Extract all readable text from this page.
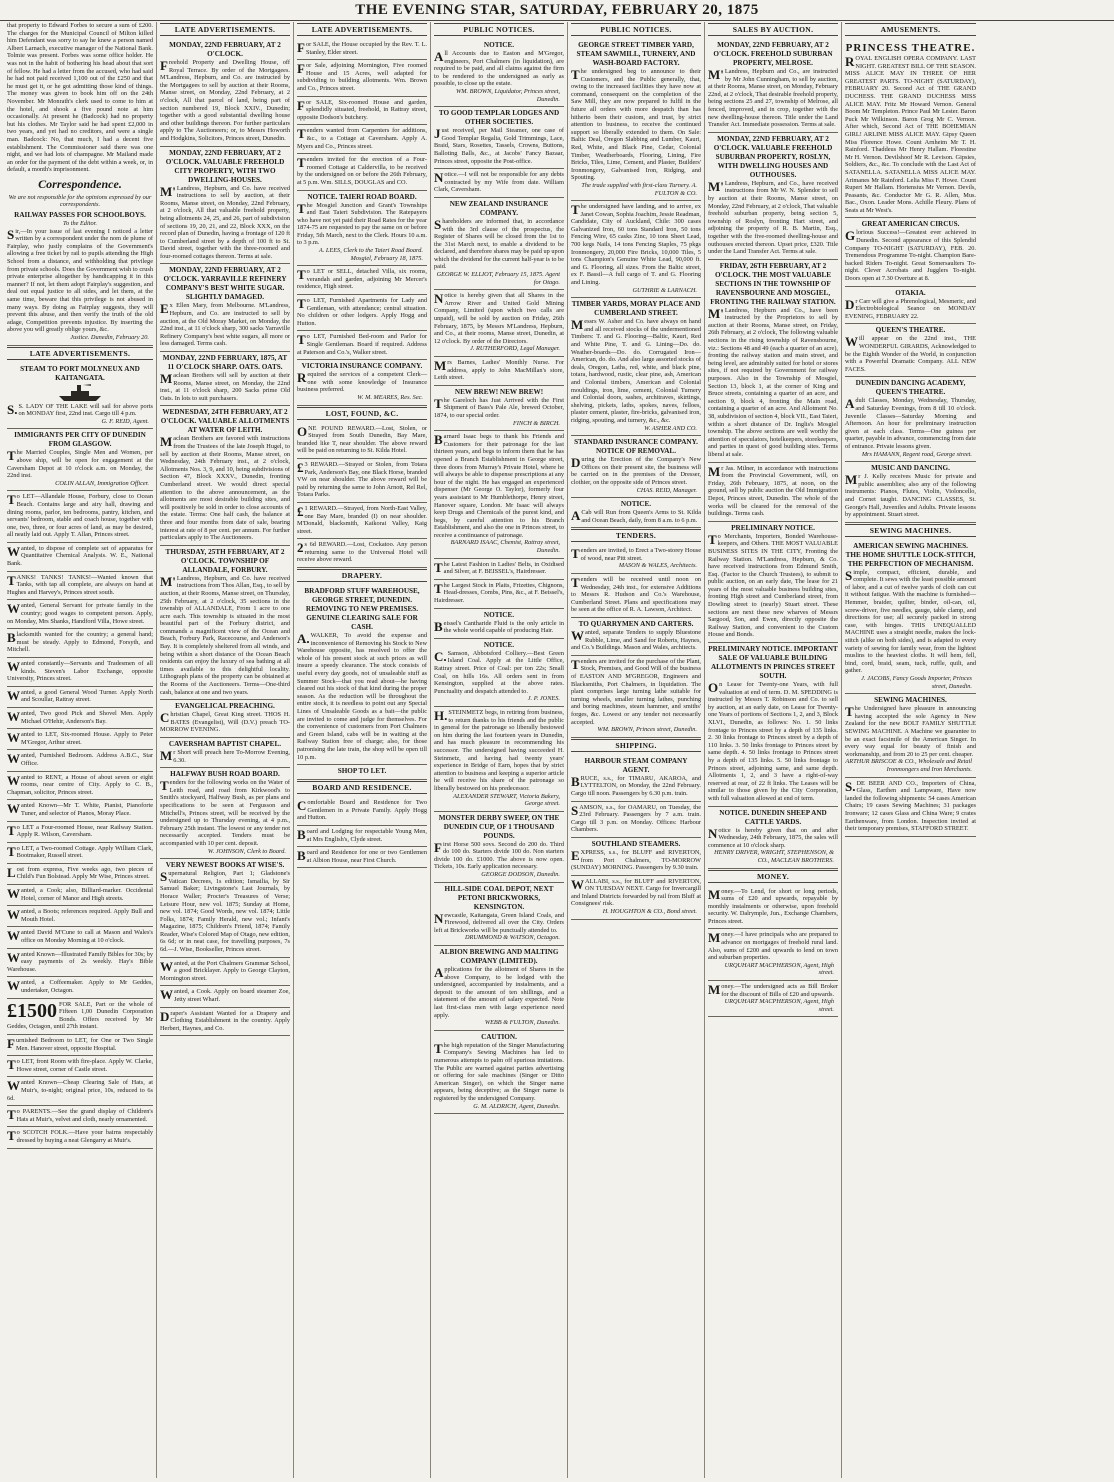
THE EVENING STAR, SATURDAY, FEBRUARY 20, 1875
that property to Edward Forbes to secure a sum of £200. The charges for the Municipal Council of Milton killed him Defendant was sorry to say he knew a person named Albert Larnach, executive manager of the National Bank. Tolmie was present. Forbes was some office holder. He was not in the habit of bothering his head about that sort of fellow. He had a letter from the accused, who had said he had not paid received 1,100 out of the £250 and that he must get it, or he got admitting those kind of things. The money was given to book him off on the 24th November. Mr Monrath's clerk used to come to him at the hotel, and shook a five pound note at him occasionally. At present he (Badcock) had no property but his clothes. Mr Taylor said he had spent £2,000 in two years, and yet had no creditors, and were a single man. Badcock: No, that much, I had a decent five establishment. The Commissioner said there was one night, and we had lots of champagne. Mr Mailand made an order for the payment of the debt within a week, or, in default, a month's imprisonment.
Correspondence.
We are not responsible for the opinions expressed by our correspondents.
RAILWAY PASSES FOR SCHOOLBOYS.
To the Editor.
Sir,—In your issue of last evening I noticed a letter written by a correspondent under the nom de plume of Fairplay, who justly complains of the Government's allowing a free ticket by rail to pupils attending the High School from a distance, and withholding that privilege from private schools. Does the Government wish to crush private enterprise altogether by handicapping it in this manner? If not, let them adopt Fairplay's suggestion, and deal out equal justice to all sides, and let them, at the same time, beware that this privilege is not abused in many ways. By doing as Fairplay suggests, they will prevent this abuse, and then verify the truth of the old adage, Competition prevents injustice. By inserting the above you will greatly oblige yours, &c.
Justice. Dunedin, February 20.
LATE ADVERTISEMENTS.
STEAM TO PORT MOLYNEUX AND KAITANGATA.
S.S. LADY OF THE LAKE will sail for above ports on MONDAY first, 22nd inst. Cargo till 4 p.m.
G. F. REID, Agent.
IMMIGRANTS PER CITY OF DUNEDIN FROM GLASGOW.
The Married Couples, Single Men and Women, per above ship, will be open for engagement at the Caversham Depot at 10 o'clock a.m. on Monday, the 22nd inst.
COLIN ALLAN, Immigration Officer.
To LET—Allandale House, Forbury, close to Ocean Beach. Contains large and airy hall, drawing and dining rooms, parlor, ten bedrooms, pantry, kitchen, and servants' bedroom, stable and coach house, together with one, two, three, or four acres of land, as may be desired, all neatly laid out. Apply T. Allan, Princes street.
Wanted, to dispose of complete set of apparatus for Quantitative Chemical Analysis. W. E., National Bank.
TANKS! TANKS! TANKS!—Wanted known that Tanks, with tap all complete, are always on hand at Hughes and Harvey's, Princes street south.
Wanted, General Servant for private family in the country; good wages to competent person. Apply, on Monday, Mrs Shanks, Handford Villa, Howe street.
Blacksmith wanted for the country; a general hand; must be steady. Apply to Edmond, Forsyth, and Mitchell.
Wanted constantly—Servants and Tradesmen of all kinds. Steven's Labor Exchange, opposite University, Princes street.
Wanted, a good General Wood Turner. Apply North and Scoullar, Rattray street.
Wanted, Two good Pick and Shovel Men. Apply Michael O'Hehir, Anderson's Bay.
Wanted to LET, Six-roomed House. Apply to Peter M'Gregor, Arthur street.
Wanted, Furnished Bedroom. Address A.B.C., Star Office.
Wanted to RENT, a House of about seven or eight rooms, near centre of City. Apply to C. B., Chapman, solicitor, Princes street.
Wanted Known—Mr T. White, Pianist, Pianoforte Tuner, and selector of Pianos, Moray Place.
To LET a Four-roomed House, near Railway Station. Apply R. Wilson, Caversham.
To LET, a Two-roomed Cottage. Apply William Clark, Bootmaker, Russell street.
Lost from express, Five weeks ago, two pieces of Child's Fun Bolstead. Apply Mr Wise, Princes street.
Wanted, a Cook; also, Billiard-marker. Occidental Hotel, corner of Manor and High streets.
Wanted, a Boots; references required. Apply Bull and Mouth Hotel.
Wanted David M'Cune to call at Mason and Wales's office on Monday Morning at 10 o'clock.
Wanted Known—Illustrated Family Bibles for 30s; by easy payments of 2s weekly. Hay's Bible Warehouse.
Wanted, a Coffeemaker. Apply to Mr Geddes, undertaker, Octagon.
£1500 FOR SALE, Part or the whole of Fifteen 1,00 Dunedin Corporation Bonds. Offers received by Mr Geddes, Octagon, until 27th instant.
Furnished Bedroom to LET, for One or Two Single Men. Hanover street, opposite Hospital.
To LET, front Room with fire-place. Apply W. Clarke, Howe street, corner of Castle street.
Wanted Known—Cheap Clearing Sale of Hats, at Muir's, to-night; original price, 10s, reduced to 6s 6d.
To PARENTS.—See the grand display of Children's Hats at Muir's, velvet and cloth, nearly ornamented.
To SCOTCH FOLK.—Have your bairns respectably dressed by buying a neat Glengarry at Muir's.
LATE ADVERTISEMENTS.
MONDAY, 22ND FEBRUARY, AT 2 O'CLOCK.
Freehold Property and Dwelling House, off Royal Terrace. By order of the Mortgagees. M'Landress, Hepburn, and Co. are instructed by the Mortgagees to sell by auction at their Rooms, Manse street, on Monday, 22nd February, at 2 o'clock, All that parcel of land, being part of section numbered 19, Block XXIV., Dunedin; together with a good substantial dwelling house and other buildings thereon. For further particulars apply to The Auctioneers; or, to Messrs Howorth and Hodgkins, Solicitors, Princes street, Dunedin.
MONDAY, 22ND FEBRUARY, AT 2 O'CLOCK. VALUABLE FREEHOLD CITY PROPERTY, WITH TWO DWELLING-HOUSES.
M'Landress, Hepburn, and Co. have received instructions to sell by auction, at their Rooms, Manse street, on Monday, 22nd February, at 2 o'clock, All that valuable freehold property, being allotments 24, 25, and 26, part of subdivision of sections 19, 20, 21, and 22, Block XXX, on the record plan of Dunedin, having a frontage of 120 ft to Cumberland street by a depth of 100 ft to St. David street, together with the three-roomed and four-roomed cottages thereon. Terms at sale.
MONDAY, 22ND FEBRUARY, AT 2 O'CLOCK. YARRAVILLE REFINERY COMPANY'S BEST WHITE SUGAR. SLIGHTLY DAMAGED.
Ex Ellen Mary, from Melbourne. M'Landress, Hepburn, and Co. are instructed to sell by auction, at the Old Moray Market, on Monday, the 22nd inst., at 11 o'clock sharp, 300 sacks Yarraville Refinery Company's best white sugars, all more or less damaged. Terms cash.
MONDAY, 22ND FEBRUARY, 1875, AT 11 O'CLOCK SHARP. OATS. OATS.
Maclean Brothers will sell by auction at their Rooms, Manse street, on Monday, the 22nd inst., at 11 o'clock sharp, 200 Sacks prime Old Oats. In lots to suit purchasers.
WEDNESDAY, 24TH FEBRUARY, AT 2 O'CLOCK. VALUABLE ALLOTMENTS AT WATER OF LEITH.
Maclean Brothers are favored with instructions from the Trustees of the late Joseph Hugel, to sell by auction at their Rooms, Manse street, on Wednesday, 24th February inst., at 2 o'clock, Allotments Nos. 3, 9, and 10, being subdivisions of Section 47, Block XXXV., Dunedin, fronting Cumberland street. We would direct special attention to the above announcement, as the allotments are most desirable building sites, and will positively be sold in order to close accounts of the estate. Terms: One half cash, the balance at three and four months from date of sale, bearing interest at rate of 8 per cent. per annum. For further particulars apply to The Auctioneers.
THURSDAY, 25TH FEBRUARY, AT 2 O'CLOCK. TOWNSHIP OF ALLANDALE, FORBURY.
M'Landress, Hepburn, and Co. have received instructions from Thos Allan, Esq., to sell by auction, at their Rooms, Manse street, on Thursday, 25th February, at 2 o'clock, 35 sections in the township of ALLANDALE, From 1 acre to one acre each. This township is situated in the most beautiful part of the Forbury district, and commands a magnificent view of the Ocean and Beach, Forbury Park, Racecourse, and Anderson's Bay. It is completely sheltered from all winds, and being within a short distance of the Ocean Beach residents can enjoy the luxury of sea bathing at all times available to this delightful locality. Lithograph plans of the property can be obtained at the Rooms of the Auctioneers. Terms—One-third cash, balance at one and two years.
EVANGELICAL PREACHING.
Christian Chapel, Great King street. THOS H. BATES (Evangelist), Will (D.V.) preach TO-MORROW EVENING.
CAVERSHAM BAPTIST CHAPEL.
Mr Short will preach here To-Morrow Evening, 6.30.
HALFWAY BUSH ROAD BOARD.
Tenders for the following works on the Water of Leith road, and road from Kirkwood's to Smith's stockyard, Halfway Bush, as per plans and specifications to be seen at Fergusson and Mitchell's, Princes street, will be received by the undersigned up to Thursday evening, at 4 p.m., February 25th instant. The lowest or any tender not necessarily accepted. Tenders must be accompanied with 10 per cent. deposit.
W. JOHNSON, Clerk to Board.
VERY NEWEST BOOKS AT WISE'S.
Supernatural Religion, Part 1; Gladstone's Vatican Decrees, 1s edition; Ismailia, by Sir Samuel Baker; Livingstone's Last Journals, by Horace Waller; Procter's Treasures of Verse; Leisure Hour, new vol. 1875; Sunday at Home, new vol. 1874; Good Words, new vol. 1874; Little Folks, 1874; Family Herald, new vol.; Infant's Magazine, 1875; Children's Friend, 1874; Family Reader, Wise's Colored Map of Otago, new edition, 6s 6d; or in neat case, for travelling purposes, 7s 6d.—J. Wise, Bookseller, Princes street.
Wanted, at the Port Chalmers Grammar School, a good Bricklayer. Apply to George Clayton, Mornington street.
Wanted, a Cook. Apply on board steamer Zoe, Jetty street Wharf.
Draper's Assistant Wanted for a Drapery and Clothing Establishment in the country. Apply Herbert, Haynes, and Co.
LATE ADVERTISEMENTS.
For SALE, the House occupied by the Rev. T. L. Stanley, Elder street.
For Sale, adjoining Mornington, Five roomed House and 15 Acres, well adapted for subdividing to building allotments. Wm. Brown and Co., Princes street.
For SALE, Six-roomed House and garden, splendidly situated, freehold, in Rattray street, opposite Dodson's butchery.
Tenders wanted from Carpenters for additions, &c., to a Cottage at Caversham. Apply A. Myers and Co., Princes street.
Tenders invited for the erection of a Four-roomed Cottage at Caldervilla, to be received by the undersigned on or before the 26th February, at 5 p.m. Wm. SILLS, DOUGLAS and CO.
NOTICE. TAIERI ROAD BOARD.
The Mosgiel Junction and Grant's Townships and East Taieri Subdivision. The Ratepayers who have not yet paid their Road Rates for the year 1874-75 are requested to pay the same on or before Friday, 5th March, next to the Clerk. Hours 10 a.m. to 3 p.m.
A. LEES, Clerk to the Taieri Road Board. Mosgiel, February 18, 1875.
To LET or SELL, detached Villa, six rooms, verandah and garden, adjoining Mr Mercer's residence, High street.
To LET, Furnished Apartments for Lady and Gentleman, with attendance; central situation. No children or other lodgers. Apply Hogg and Hutton.
To LET, Furnished Bed-room and Parlor for Single Gentleman. Board if required. Address at Paterson and Co.'s, Walker street.
VICTORIA INSURANCE COMPANY.
Required the services of a competent Clerk—one with some knowledge of Insurance business preferred.
W. M. MEARES, Res. Sec.
LOST, FOUND, &C.
ONE POUND REWARD.—Lost, Stolen, or Strayed from South Dunedin, Bay Mare, branded like T, near shoulder. The above reward will be paid on returning to St. Kilda Hotel.
£3 REWARD.—Strayed or Stolen, from Totara Park, Anderson's Bay, one Black Horse, branded VW on near shoulder. The above reward will be paid by returning the same to John Arnott, Rel Rel, Totara Parks.
£1 REWARD.—Strayed, from North-East Valley, one Bay Mare, branded (I) on near shoulder. M'Donald, blacksmith, Kaikorai Valley, Kaig street.
2s 6d REWARD.—Lost, Cockatoo. Any person returning same to the Universal Hotel will receive above reward.
DRAPERY.
BRADFORD STUFF WAREHOUSE, GEORGE STREET, DUNEDIN. REMOVING TO NEW PREMISES. GENUINE CLEARING SALE FOR CASH.
A.WALKER, To avoid the expense and inconvenience of Removing his Stock to New Warehouse opposite, has resolved to offer the whole of his present stock at such prices as will insure a speedy clearance. The stock consists of useful every day goods, not of unsaleable stuff as Summer Stock—that you read about—he having cleared out his stock of that kind during the proper season. As the reduction will be throughout the entire stock, it is needless to point out any Special Lines of Unsaleable Goods as a bait—the public are invited to come and judge for themselves. For the convenience of customers from Port Chalmers and Green Island, cabs will be in waiting at the Railway Station free of charge; also, for those patronising the late train, the shop will be open till 10 p.m.
SHOP TO LET.
BOARD AND RESIDENCE.
Comfortable Board and Residence for Two Gentlemen in a Private Family. Apply Hogg and Hutton.
Board and Lodging for respectable Young Men, at Mrs English's, Clyde street.
Board and Residence for one or two Gentlemen at Albion House, near First Church.
PUBLIC NOTICES.
NOTICE.
All Accounts due to Easton and M'Gregor, engineers, Port Chalmers (in liquidation), are required to be paid, and all claims against the firm to be rendered to the undersigned as early as possible, to close up the estate.
WM. BROWN, Liquidator, Princes street, Dunedin.
TO GOOD TEMPLAR LODGES AND OTHER SOCIETIES.
Just received, per Mail Steamer, one case of Good Templar Regalia, Gold Trimmings, Lace, Braid, Stars, Rosettes, Tassels, Crowns, Buttons, Balloting Balls, &c., at Jacobs' Fancy Bazaar, Princes street, opposite the Post-office.
Notice.—I will not be responsible for any debts contracted by my Wife from date. William Clark, Caversham.
NEW ZEALAND INSURANCE COMPANY.
Shareholders are informed that, in accordance with the 3rd clause of the prospectus, the Register of Shares will be closed from the 1st to the 31st March next, to enable a dividend to be declared, and therefore shares may be paid up upon which the dividend for the current half-year is to be paid.
GEORGE W. ELLIOT, February 15, 1875. Agent for Otago.
Notice is hereby given that all Shares in the Arrow River and United Gold Mining Company, Limited (upon which two calls are unpaid), will be sold by auction on Friday, 26th February, 1875, by Messrs M'Landress, Hepburn, and Co., at their rooms, Manse street, Dunedin, at 12 o'clock. By order of the Directors.
J. RUTHERFORD, Legal Manager.
Mrs Barnes, Ladies' Monthly Nurse. For address, apply to John MacMillan's store, Leith street.
NEW BREW! NEW BREW!
The Gareloch has Just Arrived with the First Shipment of Bass's Pale Ale, brewed October, 1874, to our special order.
FINCH & BIRCH.
Barnard Isaac begs to thank his Friends and Customers for their patronage for the last thirteen years, and begs to inform them that he has opened a Branch Establishment in George street, three doors from Murray's Private Hotel, where he will always be able to dispense prescriptions at any hour of the night. He has engaged an experienced dispenser (Mr George O. Taylor), formerly four years assistant to Mr Humblethorpe, Henry street, Hanover square, London. Mr Isaac will always keep Drugs and Chemicals of the purest kind, and begs, by careful attention to his Branch Establishment, and also the one in Princes street, to receive a continuance of patronage.
BARNARD ISAAC, Chemist, Rattray street, Dunedin.
The Latest Fashion in Ladies' Belts, in Oxidised and Silver, at F. BEISSEL's, Hairdresser.
The Largest Stock in Plaits, Frizettes, Chignons, Head-dresses, Combs, Pins, &c., at F. Beissel's, Hairdresser.
NOTICE.
Beissel's Cantharide Fluid is the only article in the whole world capable of producing Hair.
NOTICE.
C.Samson, Abbotsford Colliery.—Best Green Island Coal. Apply at the Little Office, Rattray street. Price of Coal: per ton 22s; Small Coal, on hills 16s. All orders sent in from Kensington, supplied at the above rates. Punctuality and despatch attended to.
J. P. JONES.
H.STEINMETZ begs, in retiring from business, to return thanks to his friends and the public in general for the patronage so liberally bestowed on him during the last fourteen years in Dunedin, and has much pleasure in recommending his successor. The undersigned having succeeded H. Steinmetz, and having had twenty years' experience in Bridge of Earn, hopes that by strict attention to business and keeping a superior article he will receive his share of the patronage so liberally bestowed on his predecessor.
ALEXANDER STEWART, Victoria Bakery, George street.
MONSTER DERBY SWEEP, ON THE DUNEDIN CUP, OF 1 THOUSAND POUNDS.
First Horse 500 sovs. Second do 200 do. Third do 100 do. Starters divide 100 do. Non starters divide 100 do. £1000. The above is now open. Tickets, 10s. Early application necessary.
GEORGE DODSON, Dunedin.
HILL-SIDE COAL DEPOT, NEXT PETONI BRICKWORKS, KENSINGTON.
Newcastle, Kaitangata, Green Island Coals, and Firewood, delivered all over the City. Orders left at Brickworks will be punctually attended to.
DRUMMOND & WATSON, Octagon.
ALBION BREWING AND MALTING COMPANY (LIMITED).
Applications for the allotment of Shares in the above Company, to be lodged with the undersigned, accompanied by instalments, and a deposit to the amount of ten shillings, and a statement of the amount of salary expected. Note last first-class men with large experience need apply.
WEBB & FULTON, Dunedin.
CAUTION.
The high reputation of the Singer Manufacturing Company's Sewing Machines has led to numerous attempts to palm off spurious imitations. The Public are warned against parties advertising or offering for sale machines (Singer or Ditto American Singer), on which the Singer name appears, being deceptive; as the Singer name is registered by the undersigned Company.
G. M. ALDRICH, Agent, Dunedin.
PUBLIC NOTICES.
GEORGE STREET TIMBER YARD, STEAM SAWMILL, TURNERY, AND WASH-BOARD FACTORY.
The undersigned beg to announce to their Customers, and the Public generally, that, owing to the increased facilities they have now at command, consequent on the completion of the Saw Mill, they are now prepared to fulfil in the future all orders with more despatch than has hitherto been their custom, and trust, by strict attention to business, to receive the continued support so liberally extended to them. On Sale: Baltic Deal, Oregon Slabbing and Lumber, Kauri, Red, White, and Black Pine, Cedar, Colonial Timber, Weatherboards, Flooring, Lining, Fire Bricks, Tiles, Lime, Cement, and Plaster, Builders' Ironmongery, Galvanised Iron, Ridging, and Spouting.
The trade supplied with first-class Turnery. A. FULTON & CO.
The undersigned have landing, and to arrive, ex Janet Cowan, Sophia Joachim, Jessie Readman, Candidate, City of Auckland, Chile: 300 cases Galvanized Iron, 60 tons Standard Iron, 50 tons Fencing Wire, 65 casks Zinc, 10 tons Sheet Lead, 700 kegs Nails, 14 tons Fencing Staples, 75 pkgs Ironmongery, 20,000 Fire Bricks, 10,000 Tiles, 5 tons Champion's Genuine White Lead, 90,000 ft. and G. Flooring, all sizes. From the Baltic street, ex F. Bassil—A full cargo of T. and G. Flooring and Lining.
GUTHRIE & LARNACH.
TIMBER YARDS, MORAY PLACE AND CUMBERLAND STREET.
Messrs W. Asher and Co. have always on hand and all received stocks of the undermentioned Timbers: T. and G. Flooring—Baltic, Kauri, Red and White Pine, T. and G. Lining—Do. do. Weather-boards—Do. do. Corrugated Iron—American, do. do. And also large assorted stocks of deals, Oregon, Laths, red, white, and black pine, totara, hardwood, rustic, clear pine, ash, American and Colonial timbers, American and Colonial mouldings, iron, lime, cement, Colonial Turnery and Colonial doors, sashes, architraves, skirtings, shelving, pickets, laths, spokes, naves, felloes, plaster cement, plaster, fire-bricks, galvanised iron, ridging, spouting, and turnery, &c., &c.
W. ASHER AND CO.
STANDARD INSURANCE COMPANY. NOTICE OF REMOVAL.
During the Erection of the Company's New Offices on their present site, the business will be carried on in the premises of the Dresser, clothier, on the opposite side of Princes street.
CHAS. REID, Manager.
NOTICE.
ACab will Run from Queen's Arms to St. Kilda and Ocean Beach, daily, from 8 a.m. to 6 p.m.
TENDERS.
Tenders are invited, to Erect a Two-storey House of wood, near Pitt street.
MASON & WALES, Architects.
Tenders will be received until noon on Wednesday, 24th inst., for extensive Additions to Messrs R. Hudson and Co.'s Warehouse, Cumberland Street. Plans and specifications may be seen at the office of R. A. Lawson, Architect.
TO QUARRYMEN AND CARTERS.
Wanted, separate Tenders to supply Bluestone Rubble, Lime, and Sand for Roberts, Haynes, and Co.'s Buildings. Mason and Wales, architects.
Tenders are invited for the purchase of the Plant, Stock, Premises, and Good Will of the business of EASTON AND M'GREGOR, Engineers and Blacksmiths, Port Chalmers, in liquidation. The plant comprises large turning lathe suitable for turning wheels, smaller turning lathes, punching and boring machines, steam hammer, and smiths' forges, &c. Lowest or any tender not necessarily accepted.
WM. BROWN, Princes street, Dunedin.
SHIPPING.
HARBOUR STEAM COMPANY AGENT.
BRUCE, s.s., for TIMARU, AKAROA, and LYTTELTON, on Monday, the 22nd February. Cargo till noon. Passengers by 6.30 p.m. train.
SAMSON, s.s., for OAMARU, on Tuesday, the 23rd February. Passengers by 7 a.m. train. Cargo till 3 p.m. on Monday. Offices: Harbour Chambers.
SOUTHLAND STEAMERS.
EXPRESS, s.s., for BLUFF and RIVERTON, from Port Chalmers, TO-MORROW (SUNDAY) MORNING. Passengers by 9.30 train.
WALLABI, s.s., for BLUFF and RIVERTON, ON TUESDAY NEXT. Cargo for Invercargill and Inland Districts forwarded by rail from Bluff at Consignees' risk.
H. HOUGHTON & CO., Bond street.
SALES BY AUCTION.
MONDAY, 22ND FEBRUARY, AT 2 O'CLOCK. FREEHOLD SUBURBAN PROPERTY, MELROSE.
M'Landress, Hepburn and Co., are instructed by Mr John Cunningham, to sell by auction, at their Rooms, Manse street, on Monday, February 22nd, at 2 o'clock, That desirable freehold property, being sections 25 and 27, township of Melrose, all fenced, improved, and in crop, together with the new dwelling-house thereon. Title under the Land Transfer Act. Immediate possession. Terms at sale.
MONDAY, 22ND FEBRUARY, AT 2 O'CLOCK. VALUABLE FREEHOLD SUBURBAN PROPERTY, ROSLYN, WITH DWELLING HOUSES AND OUTHOUSES.
M'Landress, Hepburn, and Co., have received instructions from Mr W. N. Splendor to sell by auction at their Rooms, Manse street, on Monday, 22nd February, at 2 o'clock, That valuable freehold suburban property, being section 5, township of Roslyn, fronting Hart street, and adjoining the property of R. B. Martin, Esq., together with the five-roomed dwelling-house and outhouses erected thereon. Upset price, £320. Title under the Land Transfer Act. Terms at sale.
FRIDAY, 26TH FEBRUARY, AT 2 O'CLOCK. THE MOST VALUABLE SECTIONS IN THE TOWNSHIP OF RAVENSBOURNE AND MOSGIEL, FRONTING THE RAILWAY STATION.
M'Landress, Hepburn and Co., have been instructed by the Proprietors to sell by auction at their Rooms, Manse street, on Friday, 26th February, at 2 o'clock, The following valuable sections in the rising township of Ravensbourne, viz.: Sections 48 and 49 (each a quarter of an acre), fronting the railway station and main street, and being level, are admirably suited for hotel or stores sites, if not required by Government for railway purposes. Also in the Township of Mosgiel, Section 13, block 1, at the corner of King and Bruce streets, containing a quarter of an acre, and section 9, block 4, fronting the Main road, containing a quarter of an acre. And Allotment No. 38, subdivision of section 4, block VII., East Taieri, within a short distance of Dr. Inglis's Mosgiel township. The above sections are well worthy the attention of speculators, hotelkeepers, storekeepers, and parties in quest of good building sites. Terms liberal at sale.
Mr Jas. Milner, in accordance with instructions from the Provincial Government, will, on Friday, 26th February, 1875, at noon, on the ground, sell by public auction the Old Immigration Depot, Princes street, Dunedin. The whole of the works will be cleared for the removal of the buildings. Terms cash.
PRELIMINARY NOTICE.
To Merchants, Importers, Bonded Warehouse-keepers, and Others. THE MOST VALUABLE BUSINESS SITES IN THE CITY, Fronting the Railway Station. M'Landress, Hepburn, & Co. have received instructions from Edmund Smith, Esq. (Factor to the Church Trustees), to submit to public auction, on an early date, The lease for 21 years of the most valuable business building sites, fronting High street and Cumberland street, from Dowling street to (nearly) Stuart street. These sections are next these new wharves of Messrs Sargood, Son, and Ewen, directly opposite the Railway Station, and convenient to the Custom House and Bonds.
PRELIMINARY NOTICE. IMPORTANT SALE OF VALUABLE BUILDING ALLOTMENTS IN PRINCES STREET SOUTH.
On Lease for Twenty-one Years, with full valuation at end of term. D. M. SPEDDING is instructed by Messrs T. Robinson and Co. to sell by auction, at an early date, on Lease for Twenty-one Years of portions of Sections 1, 2, and 3, Block XLVI., Dunedin, as follows: No. 1. 50 links frontage to Princes street by a depth of 135 links. 2. 30 links frontage to Princes street by a depth of 110 links. 3. 50 links frontage to Princes street by same depth. 4. 50 links frontage to Princes street by a depth of 135 links. 5. 50 links frontage to Princes street, adjoining same, and same depth. Allotments 1, 2, and 3 have a right-of-way reserved at rear, of 22 ft links. The Leases will be similar to those given by the City Corporation, with full valuation allowed at end of term.
NOTICE. DUNEDIN SHEEP AND CATTLE YARDS.
Notice is hereby given that on and after Wednesday, 24th February, 1875, the sales will commence at 10 o'clock sharp.
HENRY DRIVER, WRIGHT, STEPHENSON, & CO., MACLEAN BROTHERS.
MONEY.
Money.—To Lend, for short or long periods, sums of £20 and upwards, repayable by monthly instalments or otherwise, upon freehold security. W. Dalrymple, Jun., Exchange Chambers, Princes street.
Money.—I have principals who are prepared to advance on mortgages of freehold rural land. Also, sums of £200 and upwards to lend on town and suburban properties.
URQUHART MACPHERSON, Agent, High street.
Money.—The undersigned acts as Bill Broker for the discount of Bills of £20 and upwards.
URQUHART MACPHERSON, Agent, High street.
AMUSEMENTS.
PRINCESS THEATRE.
ROYAL ENGLISH OPERA COMPANY. LAST NIGHT. GREATEST BILL OF THE SEASON. MISS ALICE MAY IN THREE OF HER GREATEST PARTS. TO-NIGHT (SATURDAY), FEBRUARY 20. Second Act of THE GRAND DUCHESS. THE GRAND DUCHESS MISS ALICE MAY. Fritz Mr Howard Vernon. General Boom Mr Templeton. Prince Paul Mr Lester. Baron Puck Mr Wilkinson. Baron Grog Mr C. Vernon. After which, Second Act of THE BOHEMIAN GIRL! ARLINE MISS ALICE MAY. Gipsy Queen Miss Florence Howe. Count Arnheim Mr T. H. Rainford. Thaddeus Mr Henry Hallam. Florestine Mr H. Vernon. Devilshoof Mr R. Levison. Gipsies, Soldiers, &c., &c. To conclude with the Last Act of SATANELLA. SATANELLA MISS ALICE MAY. Arimanes Mr Rainford. Lelia Miss F. Howe. Count Rupert Mr Hallam. Hortensius Mr Vernon. Devils, Peasants, &c. Conductor Mr G. R. Allen, Mus. Bac., Oxon. Leader Mons. Achille Fleury. Plans of Seats at Mr West's.
GREAT AMERICAN CIRCUS.
Glorious Success!—Greatest ever achieved in Dunedin. Second appearance of this Splendid Company TO-NIGHT (SATURDAY), FEB. 20. Tremendous Programme To-night. Champion Bare-backed Riders To-night. Great Somersaulters To-night. Clever Acrobats and Jugglers To-night. Doors open at 7.30 Overture at 8.
OTAKIA.
Dr Carr will give a Phrenological, Mesmeric, and Electrobiological Seance on MONDAY EVENING, FEBRUARY 22.
QUEEN'S THEATRE.
Will appear on the 22nd inst., THE WONDERFUL GIRARDS, Acknowledged to be the Eighth Wonder of the World, in conjunction with a Powerful Dramatic Company. ALL NEW FACES.
DUNEDIN DANCING ACADEMY, QUEEN'S THEATRE.
Adult Classes, Monday, Wednesday, Thursday, and Saturday Evenings, from 8 till 10 o'clock. Juvenile Classes—Saturday Morning and Afternoon. An hour for preliminary instruction given at each class. Terms—One guinea per quarter, payable in advance, commencing from date of entrance. Private lessons given.
Mrs HAMANN, Regent road, George street.
MUSIC AND DANCING.
Mr J. Kelly receives Music for private and public assemblies; also any of the following instruments: Pianos, Flutes, Violin, Violoncello, and Cornet taught. DANCING CLASSES, St. George's Hall, Juveniles and Adults. Private lessons by appointment. Stuart street.
SEWING MACHINES.
AMERICAN SEWING MACHINES. THE HOME SHUTTLE LOCK-STITCH, THE PERFECTION OF MECHANISM.
Simple, compact, efficient, durable, and complete. It sews with the least possible amount of labor, and a cut of twelve yards of cloth can cut it without fatigue. With the machine is furnished—Hemmer, braider, quilter, binder, oil-can, oil, screw-driver, five needles, gauge, table clamp, and directions for use; all securely packed in strong case, with hinges. THIS UNEQUALLED MACHINE uses a straight needle, makes the lock-stitch (alike on both sides), and is adapted to every variety of sewing for family wear, from the lightest muslins to the heaviest cloths. It will hem, fell, bind, cord, braid, seam, tuck, ruffle, quilt, and gather.
J. JACOBS, Fancy Goods Importer, Princes street, Dunedin.
SEWING MACHINES.
The Undersigned have pleasure in announcing having accepted the sole Agency in New Zealand for the new BOLT FAMILY SHUTTLE SEWING MACHINE. A Machine we guarantee to be an exact facsimile of the American Singer. In every way equal for beauty of finish and workmanship, and from 20 to 25 per cent. cheaper.
ARTHUR BRISCOE & CO., Wholesale and Retail Ironmongers and Iron Merchants.
S.DE BEER AND CO., Importers of China, Glass, Earthen and Lampware, Have now landed the following shipments: 54 cases American Chairs; 19 cases Sewing Machines; 31 packages Ironware; 12 cases Glass and China Ware; 9 crates Earthenware, from London. Inspection invited at their temporary premises, STAFFORD STREET.
